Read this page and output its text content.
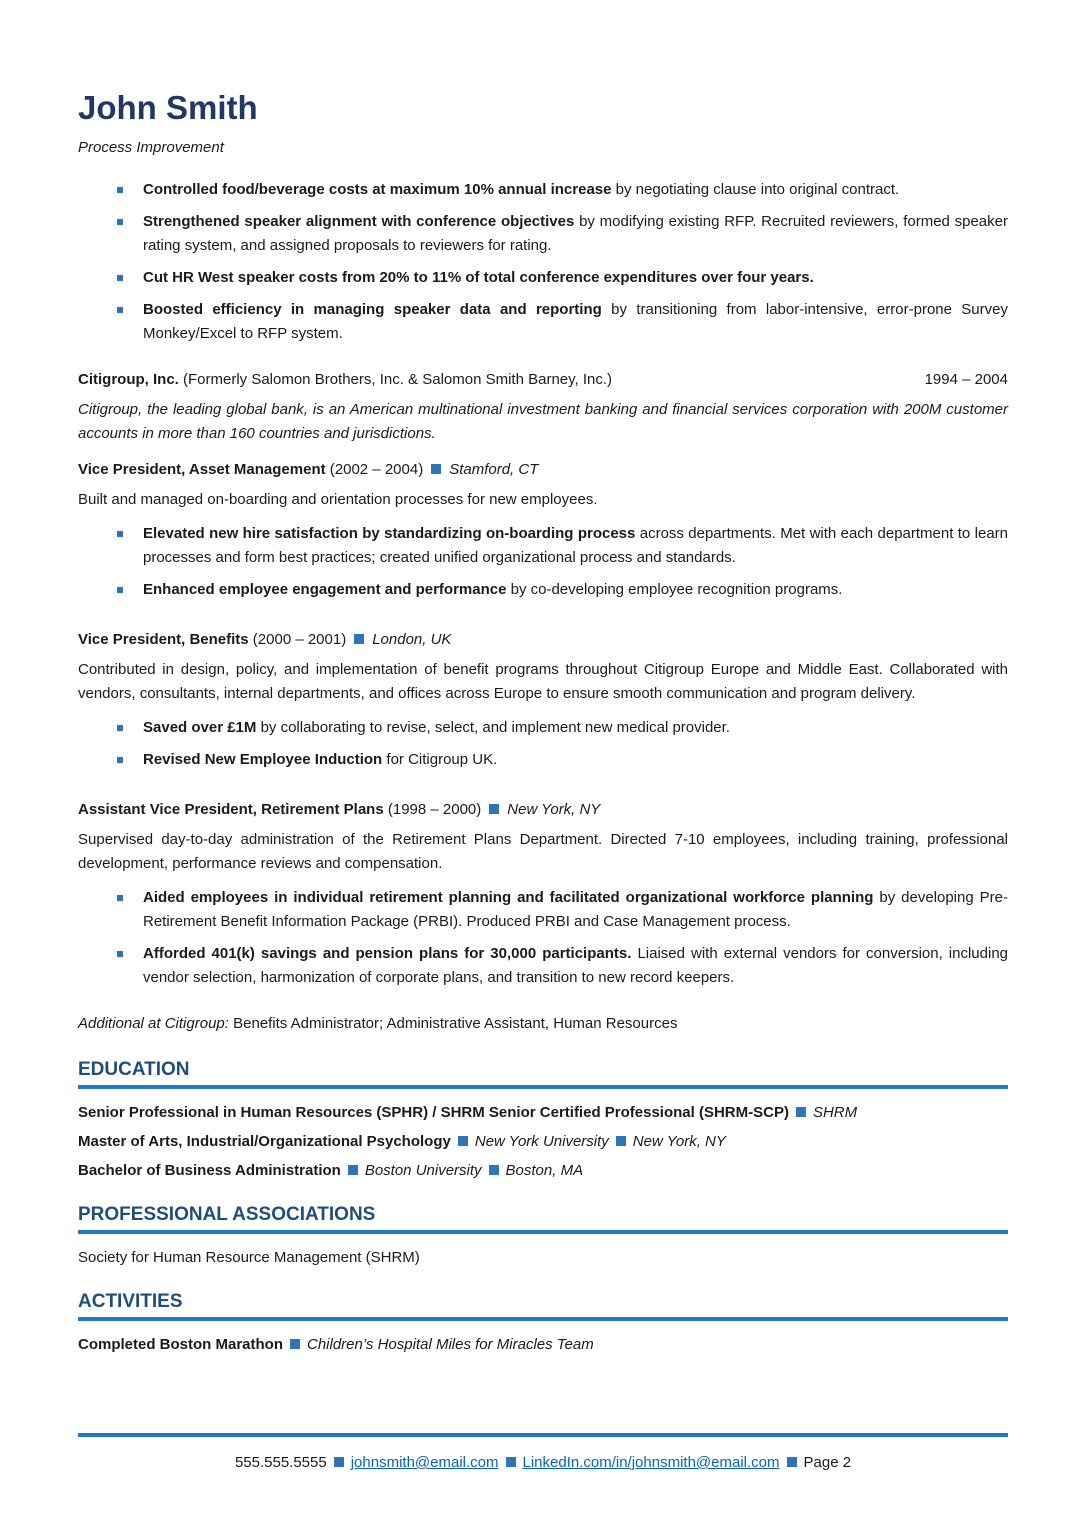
John Smith
Process Improvement
Controlled food/beverage costs at maximum 10% annual increase by negotiating clause into original contract.
Strengthened speaker alignment with conference objectives by modifying existing RFP. Recruited reviewers, formed speaker rating system, and assigned proposals to reviewers for rating.
Cut HR West speaker costs from 20% to 11% of total conference expenditures over four years.
Boosted efficiency in managing speaker data and reporting by transitioning from labor-intensive, error-prone Survey Monkey/Excel to RFP system.
Citigroup, Inc. (Formerly Salomon Brothers, Inc. & Salomon Smith Barney, Inc.)	1994 – 2004
Citigroup, the leading global bank, is an American multinational investment banking and financial services corporation with 200M customer accounts in more than 160 countries and jurisdictions.
Vice President, Asset Management (2002 – 2004) Stamford, CT
Built and managed on-boarding and orientation processes for new employees.
Elevated new hire satisfaction by standardizing on-boarding process across departments. Met with each department to learn processes and form best practices; created unified organizational process and standards.
Enhanced employee engagement and performance by co-developing employee recognition programs.
Vice President, Benefits (2000 – 2001) London, UK
Contributed in design, policy, and implementation of benefit programs throughout Citigroup Europe and Middle East. Collaborated with vendors, consultants, internal departments, and offices across Europe to ensure smooth communication and program delivery.
Saved over £1M by collaborating to revise, select, and implement new medical provider.
Revised New Employee Induction for Citigroup UK.
Assistant Vice President, Retirement Plans (1998 – 2000) New York, NY
Supervised day-to-day administration of the Retirement Plans Department. Directed 7-10 employees, including training, professional development, performance reviews and compensation.
Aided employees in individual retirement planning and facilitated organizational workforce planning by developing Pre-Retirement Benefit Information Package (PRBI). Produced PRBI and Case Management process.
Afforded 401(k) savings and pension plans for 30,000 participants. Liaised with external vendors for conversion, including vendor selection, harmonization of corporate plans, and transition to new record keepers.
Additional at Citigroup: Benefits Administrator; Administrative Assistant, Human Resources
EDUCATION
Senior Professional in Human Resources (SPHR) / SHRM Senior Certified Professional (SHRM-SCP) SHRM
Master of Arts, Industrial/Organizational Psychology New York University New York, NY
Bachelor of Business Administration Boston University Boston, MA
PROFESSIONAL ASSOCIATIONS
Society for Human Resource Management (SHRM)
ACTIVITIES
Completed Boston Marathon Children’s Hospital Miles for Miracles Team
555.555.5555 johnsmith@email.com LinkedIn.com/in/johnsmith@email.com Page 2
